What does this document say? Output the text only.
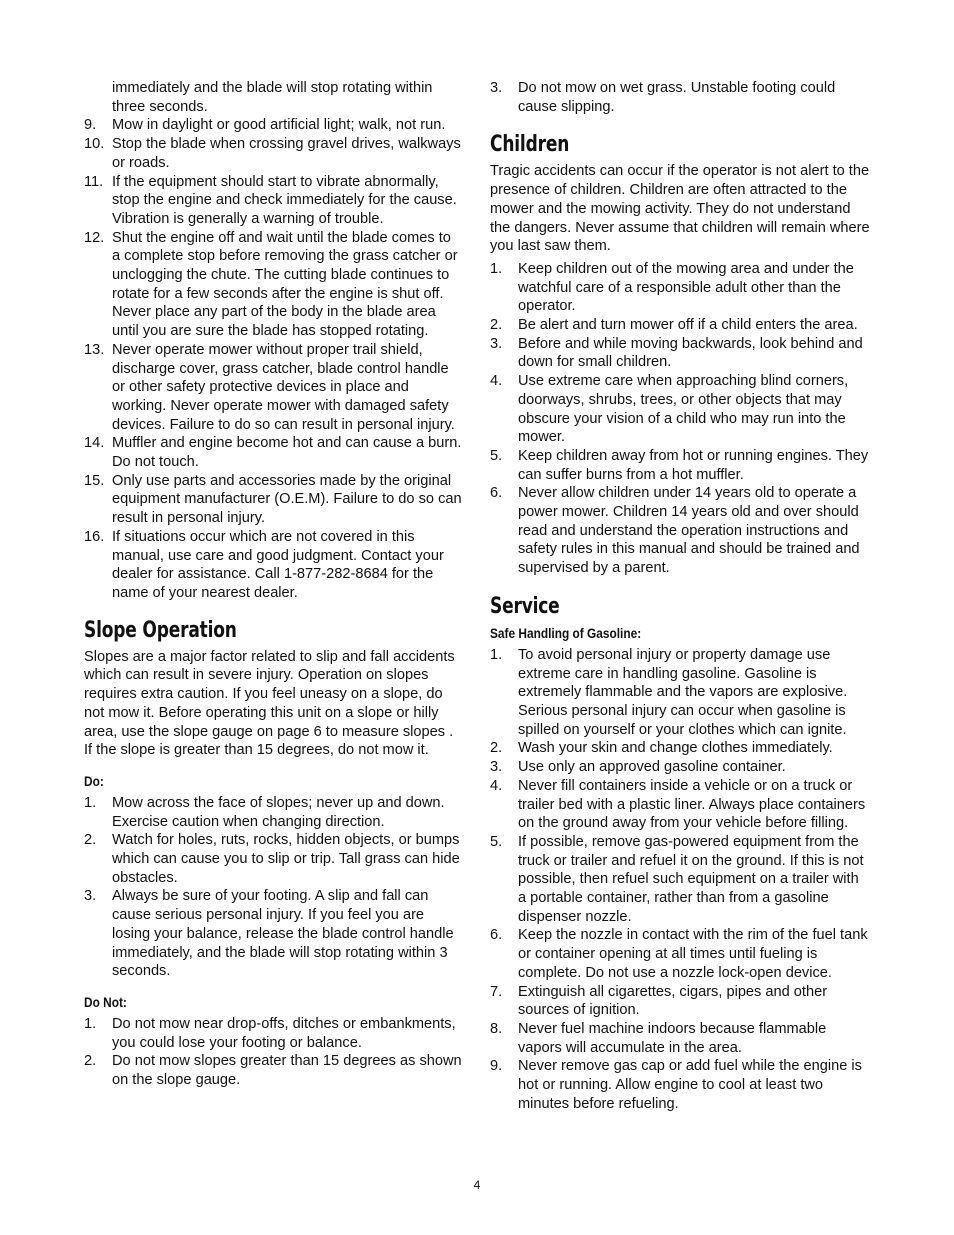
immediately and the blade will stop rotating within three seconds.
9. Mow in daylight or good artificial light; walk, not run.
10. Stop the blade when crossing gravel drives, walkways or roads.
11. If the equipment should start to vibrate abnormally, stop the engine and check immediately for the cause. Vibration is generally a warning of trouble.
12. Shut the engine off and wait until the blade comes to a complete stop before removing the grass catcher or unclogging the chute. The cutting blade continues to rotate for a few seconds after the engine is shut off. Never place any part of the body in the blade area until you are sure the blade has stopped rotating.
13. Never operate mower without proper trail shield, discharge cover, grass catcher, blade control handle or other safety protective devices in place and working. Never operate mower with damaged safety devices. Failure to do so can result in personal injury.
14. Muffler and engine become hot and can cause a burn. Do not touch.
15. Only use parts and accessories made by the original equipment manufacturer (O.E.M). Failure to do so can result in personal injury.
16. If situations occur which are not covered in this manual, use care and good judgment. Contact your dealer for assistance. Call 1-877-282-8684 for the name of your nearest dealer.
Slope Operation

Slopes are a major factor related to slip and fall accidents which can result in severe injury. Operation on slopes requires extra caution. If you feel uneasy on a slope, do not mow it. Before operating this unit on a slope or hilly area, use the slope gauge on page 6 to measure slopes . If the slope is greater than 15 degrees, do not mow it.

Do:
1. Mow across the face of slopes; never up and down. Exercise caution when changing direction.
2. Watch for holes, ruts, rocks, hidden objects, or bumps which can cause you to slip or trip. Tall grass can hide obstacles.
3. Always be sure of your footing. A slip and fall can cause serious personal injury. If you feel you are losing your balance, release the blade control handle immediately, and the blade will stop rotating within 3 seconds.
Do Not:
1. Do not mow near drop-offs, ditches or embankments, you could lose your footing or balance.
2. Do not mow slopes greater than 15 degrees as shown on the slope gauge.
3. Do not mow on wet grass. Unstable footing could cause slipping.
Children

Tragic accidents can occur if the operator is not alert to the presence of children. Children are often attracted to the mower and the mowing activity. They do not understand the dangers. Never assume that children will remain where you last saw them.

1. Keep children out of the mowing area and under the watchful care of a responsible adult other than the operator.
2. Be alert and turn mower off if a child enters the area.
3. Before and while moving backwards, look behind and down for small children.
4. Use extreme care when approaching blind corners, doorways, shrubs, trees, or other objects that may obscure your vision of a child who may run into the mower.
5. Keep children away from hot or running engines. They can suffer burns from a hot muffler.
6. Never allow children under 14 years old to operate a power mower. Children 14 years old and over should read and understand the operation instructions and safety rules in this manual and should be trained and supervised by a parent.
Service
Safe Handling of Gasoline:
1. To avoid personal injury or property damage use extreme care in handling gasoline. Gasoline is extremely flammable and the vapors are explosive. Serious personal injury can occur when gasoline is spilled on yourself or your clothes which can ignite.
2. Wash your skin and change clothes immediately.
3. Use only an approved gasoline container.
4. Never fill containers inside a vehicle or on a truck or trailer bed with a plastic liner. Always place containers on the ground away from your vehicle before filling.
5. If possible, remove gas-powered equipment from the truck or trailer and refuel it on the ground. If this is not possible, then refuel such equipment on a trailer with a portable container, rather than from a gasoline dispenser nozzle.
6. Keep the nozzle in contact with the rim of the fuel tank or container opening at all times until fueling is complete. Do not use a nozzle lock-open device.
7. Extinguish all cigarettes, cigars, pipes and other sources of ignition.
8. Never fuel machine indoors because flammable vapors will accumulate in the area.
9. Never remove gas cap or add fuel while the engine is hot or running. Allow engine to cool at least two minutes before refueling.
4
